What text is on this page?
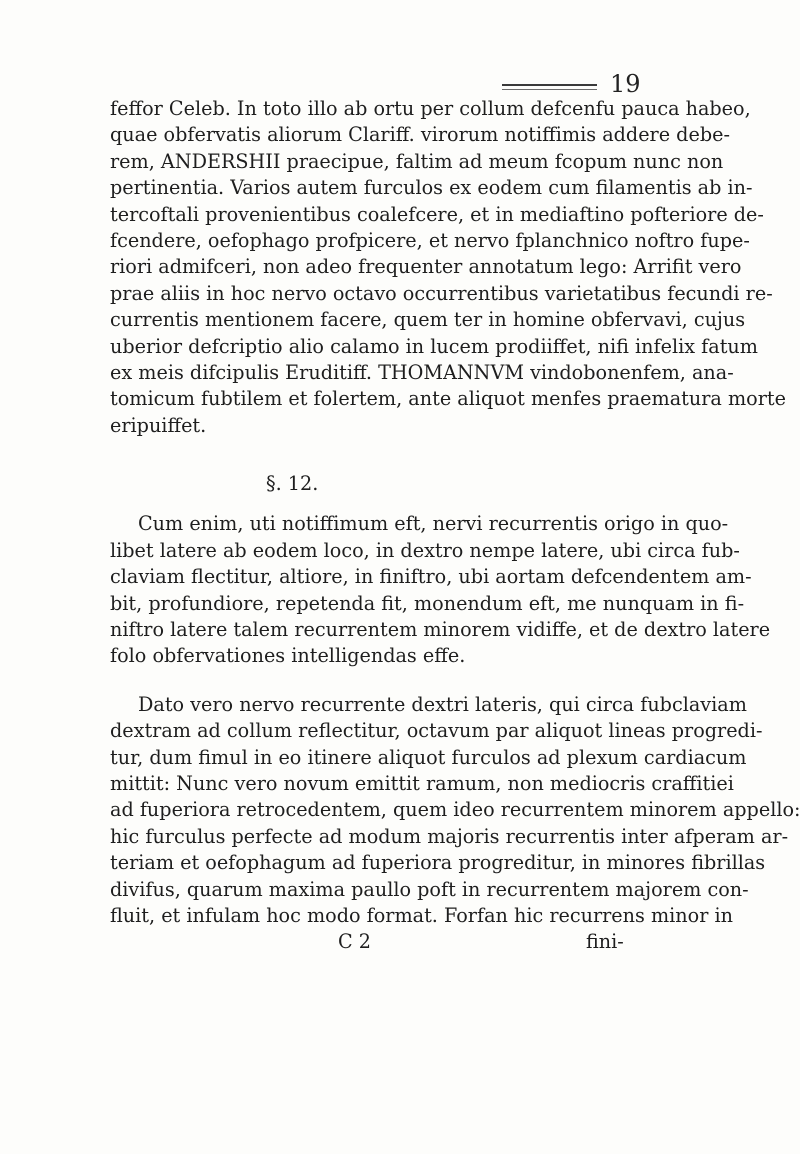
19
feffor Celeb. In toto illo ab ortu per collum defcenfu pauca habeo,
quae obfervatis aliorum Clariff. virorum notiffimis addere debe-
rem, ANDERSHII praecipue, faltim ad meum fcopum nunc non
pertinentia. Varios autem furculos ex eodem cum filamentis ab in-
tercoftali provenientibus coalefcere, et in mediaftino pofteriore de-
fcendere, oefophago profpicere, et nervo fplanchnico noftro fupe-
riori admifceri, non adeo frequenter annotatum lego: Arrifit vero
prae aliis in hoc nervo octavo occurrentibus varietatibus fecundi re-
currentis mentionem facere, quem ter in homine obfervavi, cujus
uberior defcriptio alio calamo in lucem prodiiffet, nifi infelix fatum
ex meis difcipulis Eruditiff. THOMANNVM vindobonenfem, ana-
tomicum fubtilem et folertem, ante aliquot menfes praematura morte
eripuiffet.
§. 12.
Cum enim, uti notiffimum eft, nervi recurrentis origo in quo-
libet latere ab eodem loco, in dextro nempe latere, ubi circa fub-
claviam flectitur, altiore, in finiftro, ubi aortam defcendentem am-
bit, profundiore, repetenda fit, monendum eft, me nunquam in fi-
niftro latere talem recurrentem minorem vidiffe, et de dextro latere
folo obfervationes intelligendas effe.
Dato vero nervo recurrente dextri lateris, qui circa fubclaviam
dextram ad collum reflectitur, octavum par aliquot lineas progredi-
tur, dum fimul in eo itinere aliquot furculos ad plexum cardiacum
mittit: Nunc vero novum emittit ramum, non mediocris craffitiei
ad fuperiora retrocedentem, quem ideo recurrentem minorem appello:
hic furculus perfecte ad modum majoris recurrentis inter afperam ar-
teriam et oefophagum ad fuperiora progreditur, in minores fibrillas
divifus, quarum maxima paullo poft in recurrentem majorem con-
fluit, et infulam hoc modo format. Forfan hic recurrens minor in
C 2	fini-
